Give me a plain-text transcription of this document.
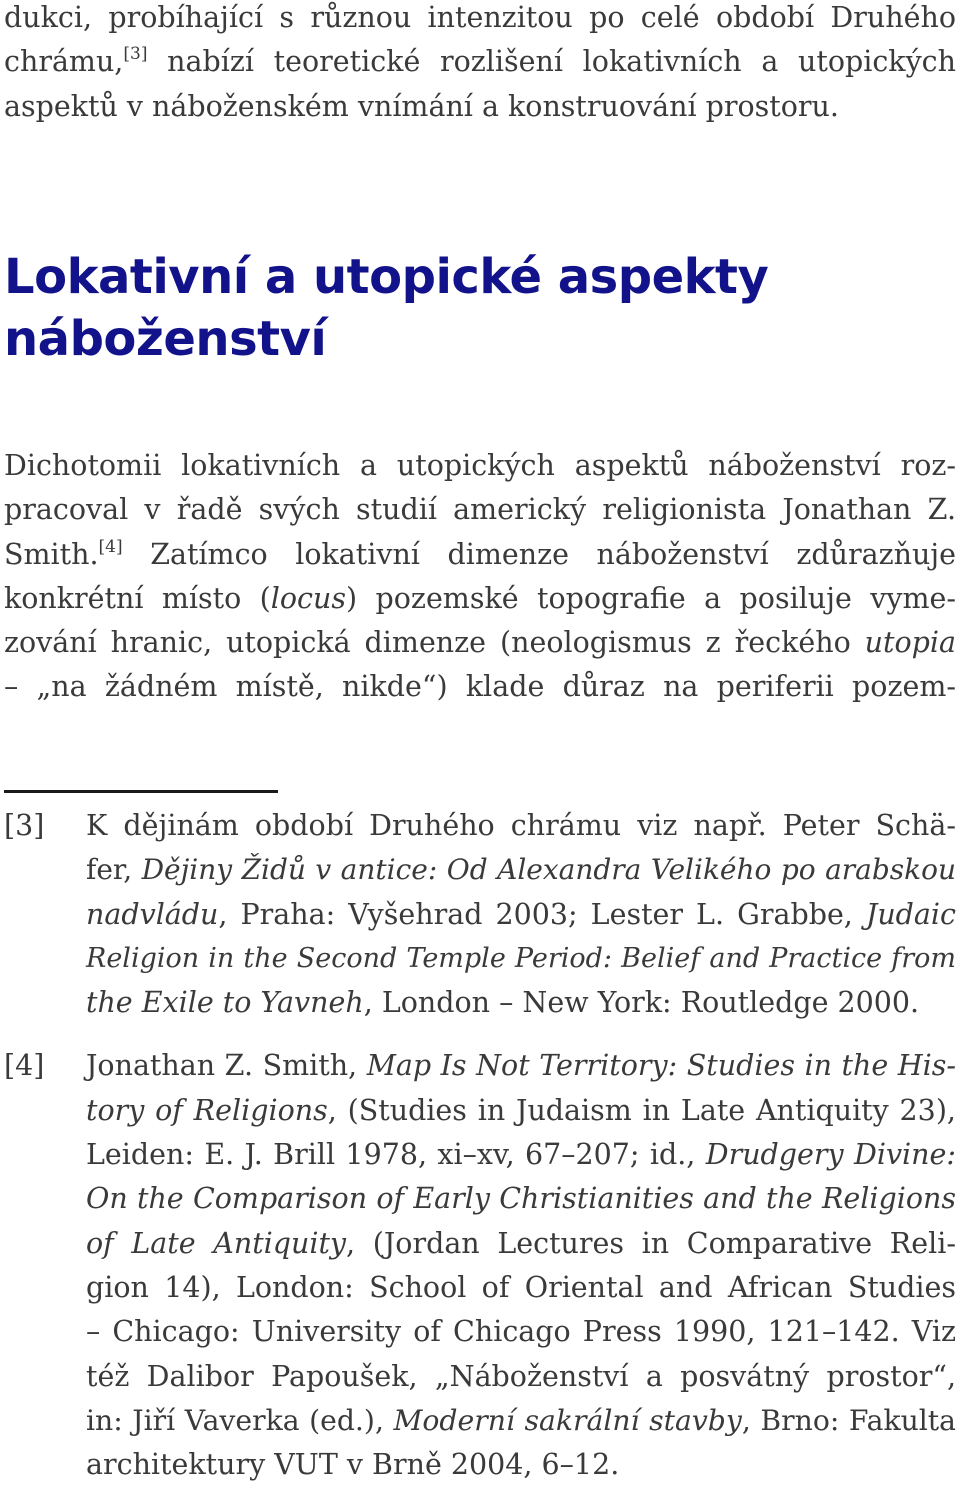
dukci, probíhající s různou intenzitou po celé období Druhého
chrámu,[3] nabízí teoretické rozlišení lokativních a utopických
aspektů v náboženském vnímání a konstruování prostoru.
Lokativní a utopické aspekty
náboženství
Dichotomii lokativních a utopických aspektů náboženství roz-
pracoval v řadě svých studií americký religionista Jonathan Z.
Smith.[4] Zatímco lokativní dimenze náboženství zdůrazňuje
konkrétní místo (locus) pozemské topografie a posiluje vyme-
zování hranic, utopická dimenze (neologismus z řeckého utopia
– „na žádném místě, nikde“) klade důraz na periferii pozem-
[3] K dějinám období Druhého chrámu viz např. Peter Schä-
fer, Dějiny Židů v antice: Od Alexandra Velikého po arabskou
nadvládu, Praha: Vyšehrad 2003; Lester L. Grabbe, Judaic
Religion in the Second Temple Period: Belief and Practice from
the Exile to Yavneh, London – New York: Routledge 2000.
[4] Jonathan Z. Smith, Map Is Not Territory: Studies in the His-
tory of Religions, (Studies in Judaism in Late Antiquity 23),
Leiden: E. J. Brill 1978, xi–xv, 67–207; id., Drudgery Divine:
On the Comparison of Early Christianities and the Religions
of Late Antiquity, (Jordan Lectures in Comparative Reli-
gion 14), London: School of Oriental and African Studies
– Chicago: University of Chicago Press 1990, 121–142. Viz
též Dalibor Papoušek, „Náboženství a posvátný prostor“,
in: Jiří Vaverka (ed.), Moderní sakrální stavby, Brno: Fakulta
architektury VUT v Brně 2004, 6–12.
